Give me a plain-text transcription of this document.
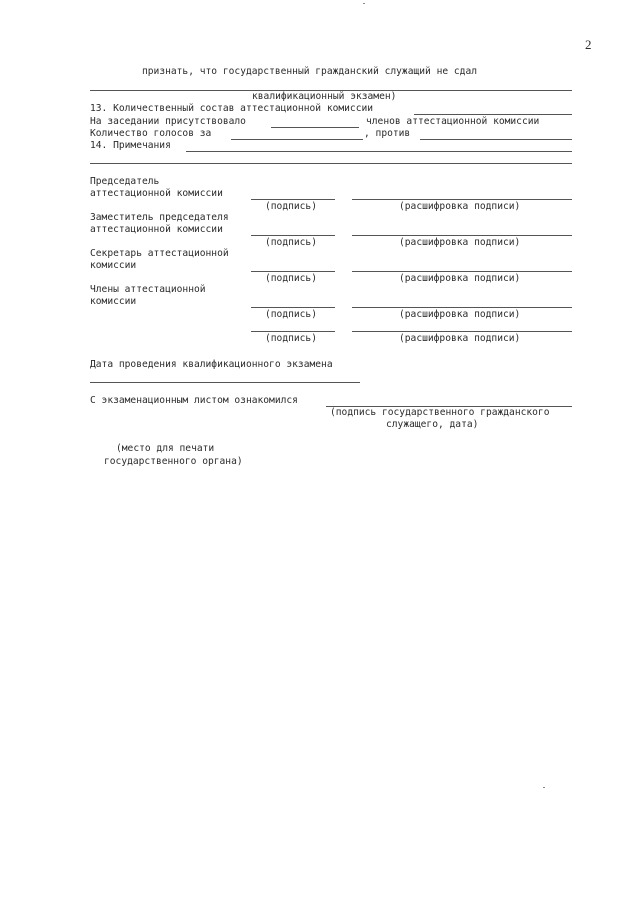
2
признать, что государственный гражданский служащий не сдал
квалификационный экзамен)
13. Количественный состав аттестационной комиссии
На заседании присутствовало	членов аттестационной комиссии
Количество голосов за	, против
14. Примечания
Председатель
аттестационной комиссии
(подпись)	(расшифровка подписи)
Заместитель председателя
аттестационной комиссии
(подпись)	(расшифровка подписи)
Секретарь аттестационной
комиссии
(подпись)	(расшифровка подписи)
Члены аттестационной
комиссии
(подпись)	(расшифровка подписи)
(подпись)	(расшифровка подписи)
Дата проведения квалификационного экзамена
С экзаменационным листом ознакомился
(подпись государственного гражданского
служащего, дата)
(место для печати
государственного органа)
